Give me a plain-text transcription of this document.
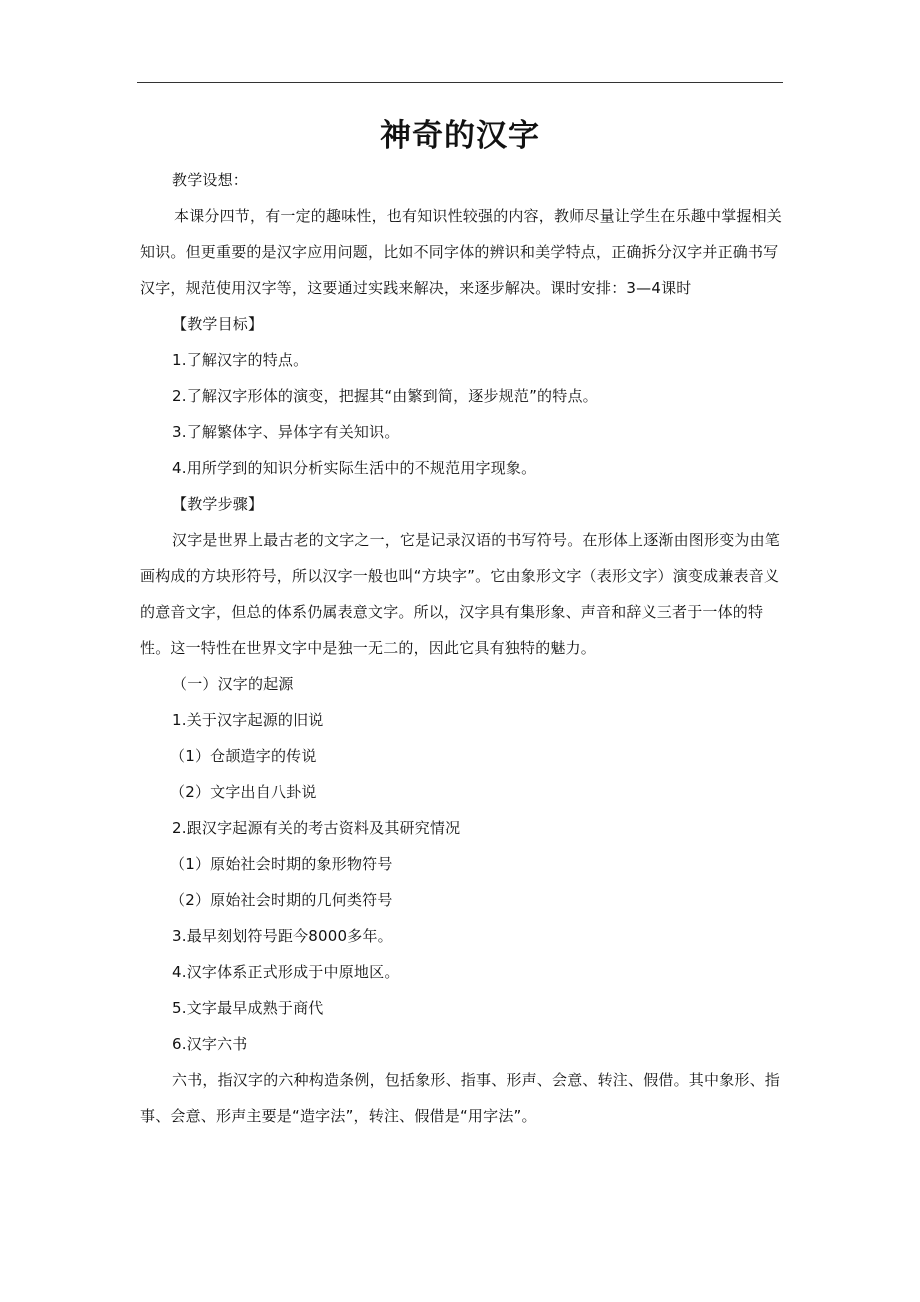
神奇的汉字

教学设想：

本课分四节，有一定的趣味性，也有知识性较强的内容，教师尽量让学生在乐趣中掌握相关知识。但更重要的是汉字应用问题，比如不同字体的辨识和美学特点，正确拆分汉字并正确书写汉字，规范使用汉字等，这要通过实践来解决，来逐步解决。课时安排：3—4课时

【教学目标】

1.了解汉字的特点。

2.了解汉字形体的演变，把握其“由繁到简，逐步规范”的特点。

3.了解繁体字、异体字有关知识。

4.用所学到的知识分析实际生活中的不规范用字现象。

【教学步骤】

汉字是世界上最古老的文字之一，它是记录汉语的书写符号。在形体上逐渐由图形变为由笔画构成的方块形符号，所以汉字一般也叫“方块字”。它由象形文字（表形文字）演变成兼表音义的意音文字，但总的体系仍属表意文字。所以，汉字具有集形象、声音和辞义三者于一体的特性。这一特性在世界文字中是独一无二的，因此它具有独特的魅力。

（一）汉字的起源

1.关于汉字起源的旧说

（1）仓颉造字的传说

（2）文字出自八卦说

2.跟汉字起源有关的考古资料及其研究情况

（1）原始社会时期的象形物符号

（2）原始社会时期的几何类符号

3.最早刻划符号距今8000多年。

4.汉字体系正式形成于中原地区。

5.文字最早成熟于商代

6.汉字六书

六书，指汉字的六种构造条例，包括象形、指事、形声、会意、转注、假借。其中象形、指事、会意、形声主要是“造字法”，转注、假借是“用字法”。
